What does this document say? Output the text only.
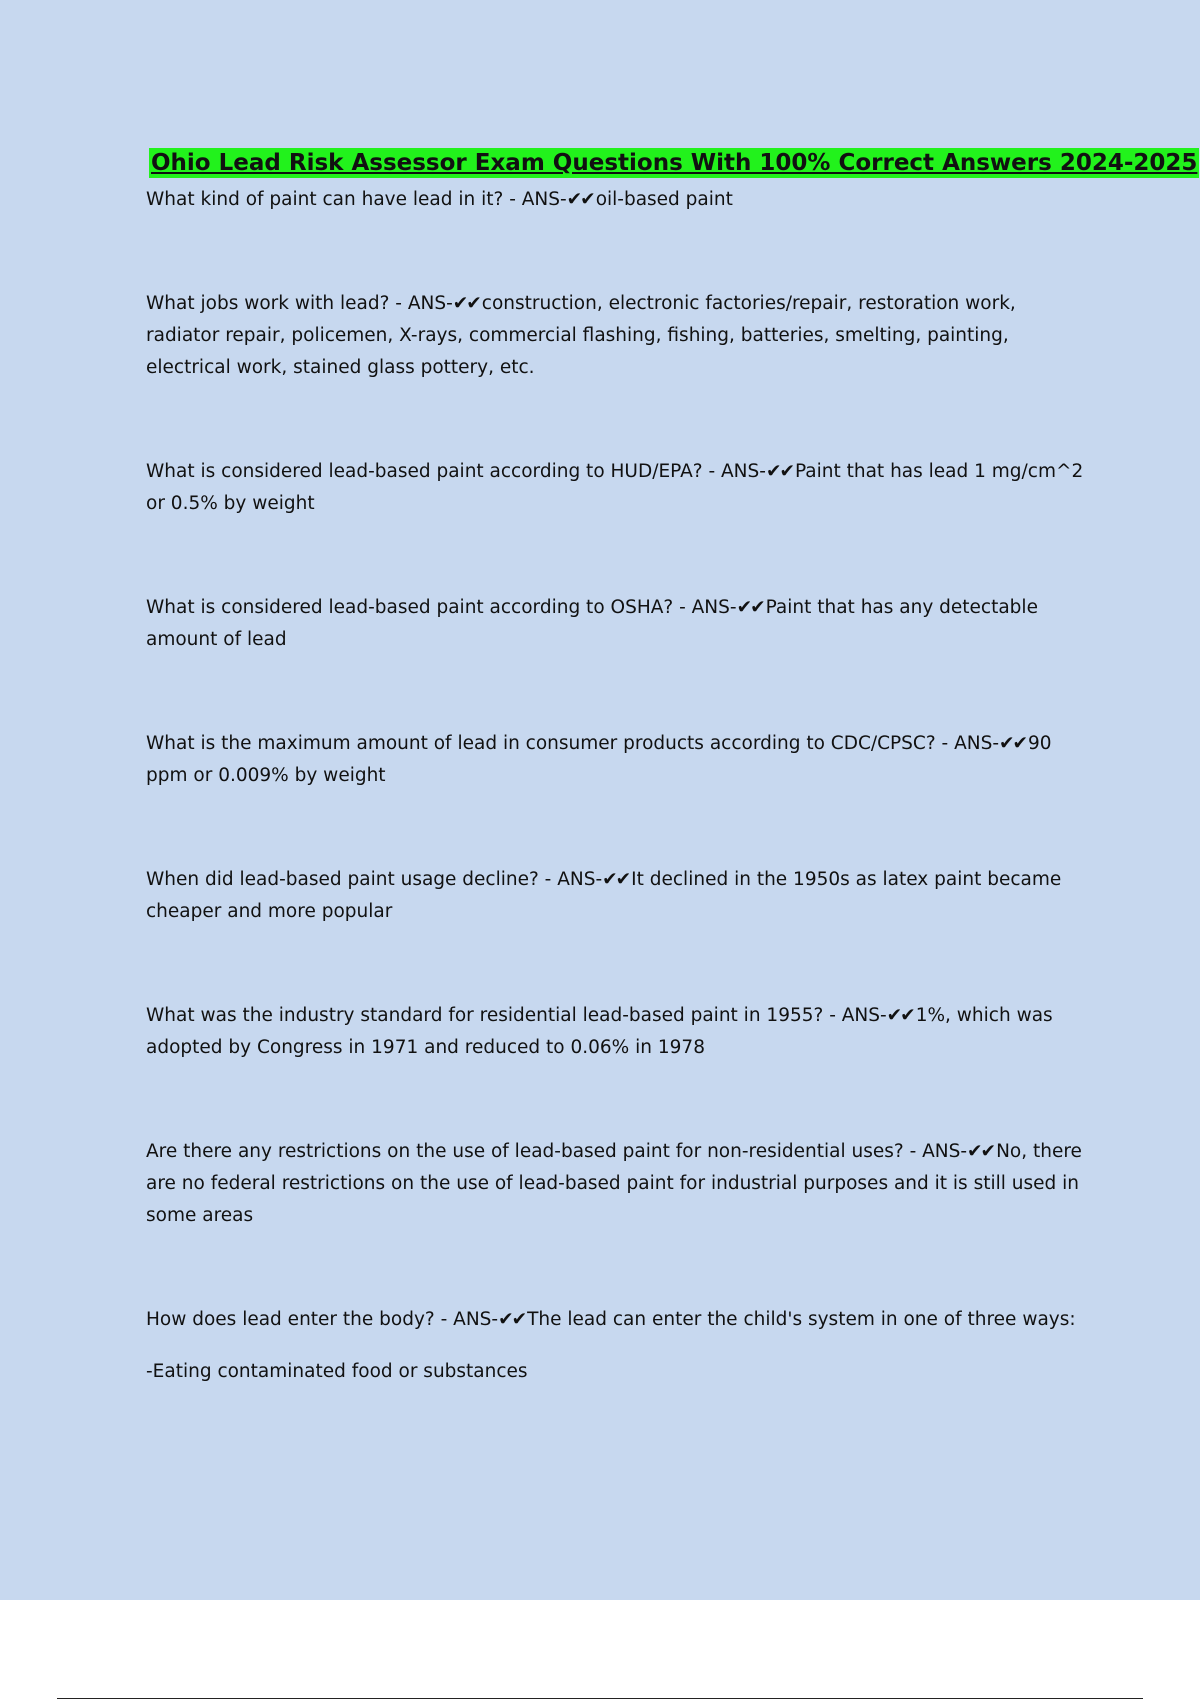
Ohio Lead Risk Assessor Exam Questions With 100% Correct Answers 2024-2025

What kind of paint can have lead in it? - ANS-✔✔ oil-based paint

What jobs work with lead? - ANS-✔✔ construction, electronic factories/repair, restoration work, radiator repair, policemen, X-rays, commercial flashing, fishing, batteries, smelting, painting, electrical work, stained glass pottery, etc.

What is considered lead-based paint according to HUD/EPA? - ANS-✔✔ Paint that has lead 1 mg/cm^2 or 0.5% by weight

What is considered lead-based paint according to OSHA? - ANS-✔✔ Paint that has any detectable amount of lead

What is the maximum amount of lead in consumer products according to CDC/CPSC? - ANS-✔✔ 90 ppm or 0.009% by weight

When did lead-based paint usage decline? - ANS-✔✔ It declined in the 1950s as latex paint became cheaper and more popular

What was the industry standard for residential lead-based paint in 1955? - ANS-✔✔ 1%, which was adopted by Congress in 1971 and reduced to 0.06% in 1978

Are there any restrictions on the use of lead-based paint for non-residential uses? - ANS-✔✔ No, there are no federal restrictions on the use of lead-based paint for industrial purposes and it is still used in some areas

How does lead enter the body? - ANS-✔✔ The lead can enter the child's system in one of three ways:

-Eating contaminated food or substances
